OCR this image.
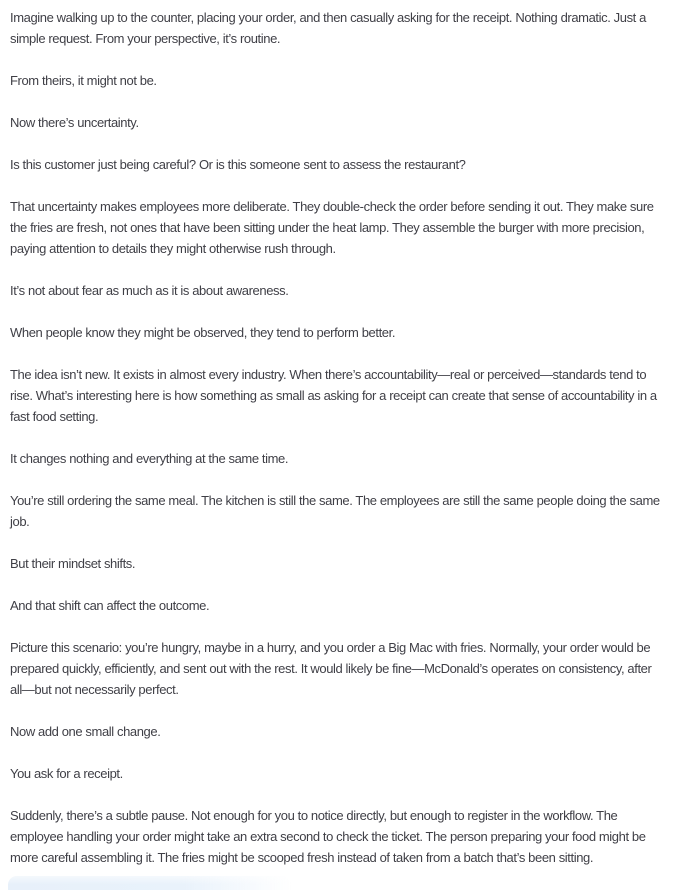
Imagine walking up to the counter, placing your order, and then casually asking for the receipt. Nothing dramatic. Just a simple request. From your perspective, it’s routine.

From theirs, it might not be.

Now there’s uncertainty.

Is this customer just being careful? Or is this someone sent to assess the restaurant?

That uncertainty makes employees more deliberate. They double-check the order before sending it out. They make sure the fries are fresh, not ones that have been sitting under the heat lamp. They assemble the burger with more precision, paying attention to details they might otherwise rush through.

It’s not about fear as much as it is about awareness.

When people know they might be observed, they tend to perform better.

The idea isn’t new. It exists in almost every industry. When there’s accountability—real or perceived—standards tend to rise. What’s interesting here is how something as small as asking for a receipt can create that sense of accountability in a fast food setting.

It changes nothing and everything at the same time.

You’re still ordering the same meal. The kitchen is still the same. The employees are still the same people doing the same job.

But their mindset shifts.

And that shift can affect the outcome.

Picture this scenario: you’re hungry, maybe in a hurry, and you order a Big Mac with fries. Normally, your order would be prepared quickly, efficiently, and sent out with the rest. It would likely be fine—McDonald’s operates on consistency, after all—but not necessarily perfect.

Now add one small change.

You ask for a receipt.

Suddenly, there’s a subtle pause. Not enough for you to notice directly, but enough to register in the workflow. The employee handling your order might take an extra second to check the ticket. The person preparing your food might be more careful assembling it. The fries might be scooped fresh instead of taken from a batch that’s been sitting.
